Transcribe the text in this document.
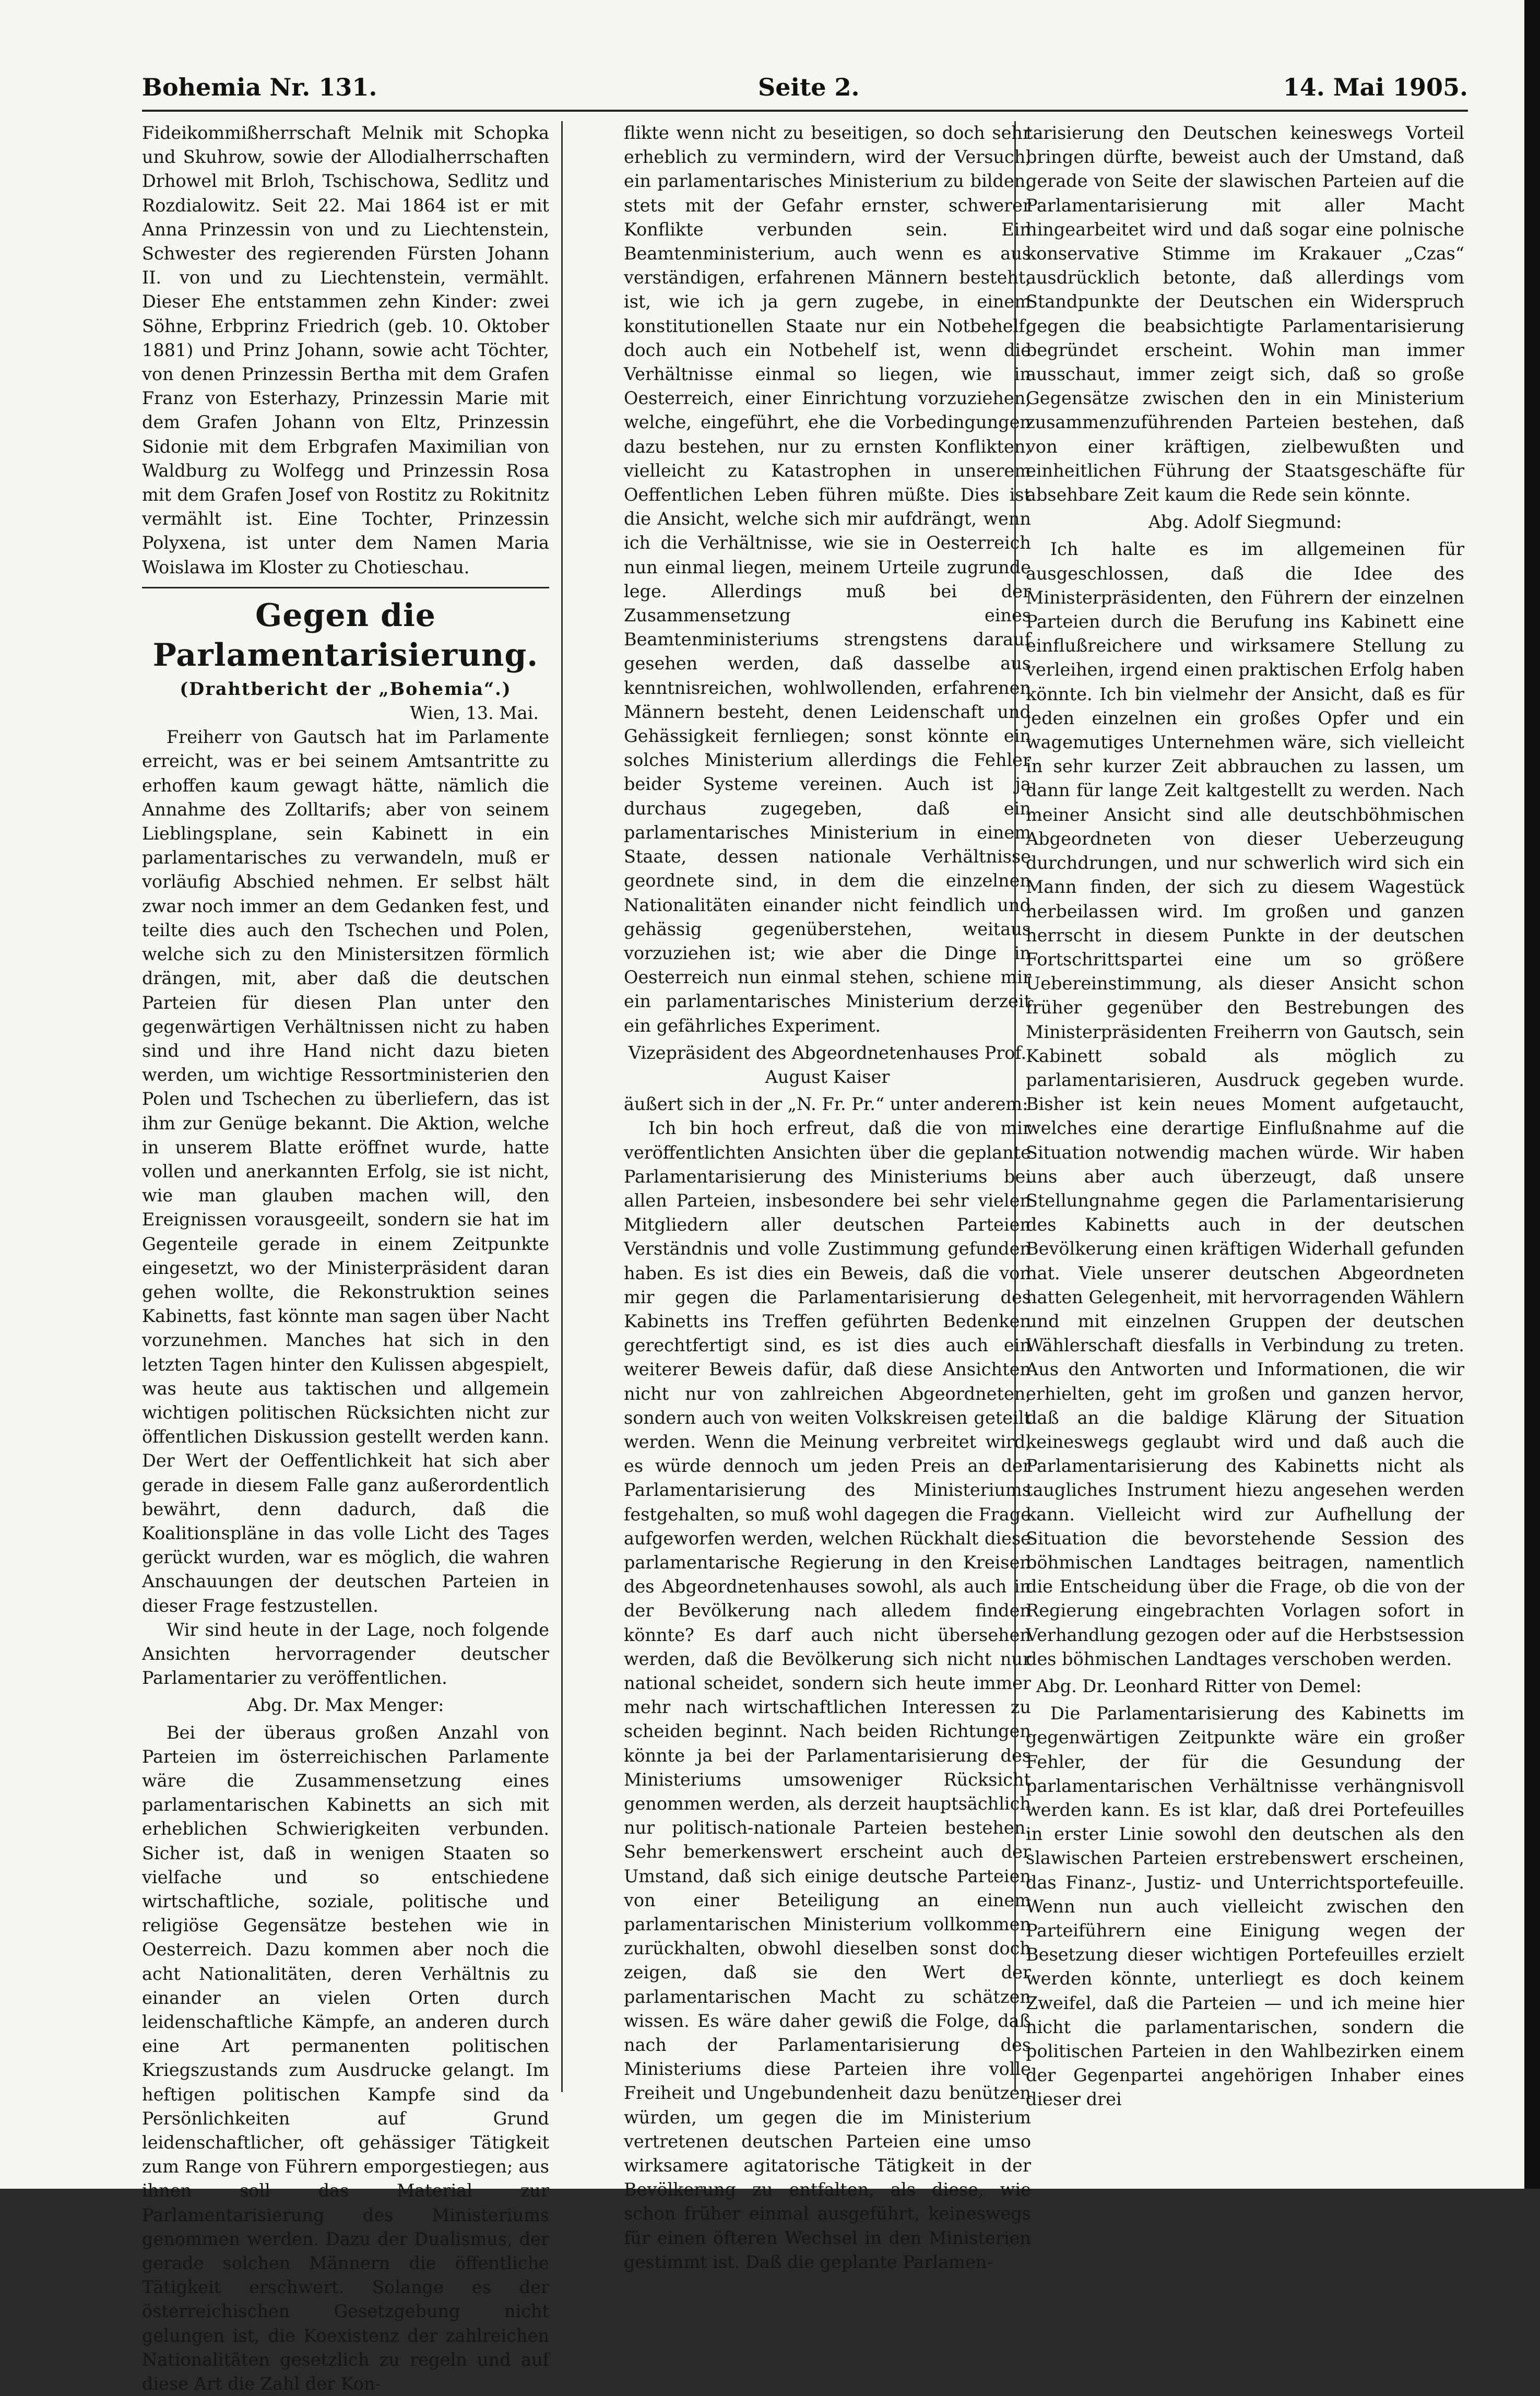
Bohemia Nr. 131.	Seite 2.	14. Mai 1905.

Fideikommißherrschaft Melnik mit Schopka und Skuhrow, sowie der Allodialherrschaften Drhowel mit Brloh, Tschischowa, Sedlitz und Rozdialowitz. Seit 22. Mai 1864 ist er mit Anna Prinzessin von und zu Liechtenstein, Schwester des regierenden Fürsten Johann II. von und zu Liechtenstein, vermählt. Dieser Ehe entstammen zehn Kinder: zwei Söhne, Erbprinz Friedrich (geb. 10. Oktober 1881) und Prinz Johann, sowie acht Töchter, von denen Prinzessin Bertha mit dem Grafen Franz von Esterhazy, Prinzessin Marie mit dem Grafen Johann von Eltz, Prinzessin Sidonie mit dem Erbgrafen Maximilian von Waldburg zu Wolfegg und Prinzessin Rosa mit dem Grafen Josef von Rostitz zu Rokitnitz vermählt ist. Eine Tochter, Prinzessin Polyxena, ist unter dem Namen Maria Woislawa im Kloster zu Chotieschau.

Gegen die Parlamentarisierung.
(Drahtbericht der „Bohemia“.)
Wien, 13. Mai.

Freiherr von Gautsch hat im Parlamente erreicht, was er bei seinem Amtsantritte zu erhoffen kaum gewagt hätte, nämlich die Annahme des Zolltarifs; aber von seinem Lieblingsplane, sein Kabinett in ein parlamentarisches zu verwandeln, muß er vorläufig Abschied nehmen. Er selbst hält zwar noch immer an dem Gedanken fest, und teilte dies auch den Tschechen und Polen, welche sich zu den Ministersitzen förmlich drängen, mit, aber daß die deutschen Parteien für diesen Plan unter den gegenwärtigen Verhältnissen nicht zu haben sind und ihre Hand nicht dazu bieten werden, um wichtige Ressortministerien den Polen und Tschechen zu überliefern, das ist ihm zur Genüge bekannt. Die Aktion, welche in unserem Blatte eröffnet wurde, hatte vollen und anerkannten Erfolg, sie ist nicht, wie man glauben machen will, den Ereignissen vorausgeeilt, sondern sie hat im Gegenteile gerade in einem Zeitpunkte eingesetzt, wo der Ministerpräsident daran gehen wollte, die Rekonstruktion seines Kabinetts, fast könnte man sagen über Nacht vorzunehmen. Manches hat sich in den letzten Tagen hinter den Kulissen abgespielt, was heute aus taktischen und allgemein wichtigen politischen Rücksichten nicht zur öffentlichen Diskussion gestellt werden kann. Der Wert der Oeffentlichkeit hat sich aber gerade in diesem Falle ganz außerordentlich bewährt, denn dadurch, daß die Koalitionspläne in das volle Licht des Tages gerückt wurden, war es möglich, die wahren Anschauungen der deutschen Parteien in dieser Frage festzustellen.

Wir sind heute in der Lage, noch folgende Ansichten hervorragender deutscher Parlamentarier zu veröffentlichen.

Abg. Dr. Max Menger:

Bei der überaus großen Anzahl von Parteien im österreichischen Parlamente wäre die Zusammensetzung eines parlamentarischen Kabinetts an sich mit erheblichen Schwierigkeiten verbunden. Sicher ist, daß in wenigen Staaten so vielfache und so entschiedene wirtschaftliche, soziale, politische und religiöse Gegensätze bestehen wie in Oesterreich. Dazu kommen aber noch die acht Nationalitäten, deren Verhältnis zu einander an vielen Orten durch leidenschaftliche Kämpfe, an anderen durch eine Art permanenten politischen Kriegszustands zum Ausdrucke gelangt. Im heftigen politischen Kampfe sind da Persönlichkeiten auf Grund leidenschaftlicher, oft gehässiger Tätigkeit zum Range von Führern emporgestiegen; aus ihnen soll das Material zur Parlamentarisierung des Ministeriums genommen werden. Dazu der Dualismus, der gerade solchen Männern die öffentliche Tätigkeit erschwert. Solange es der österreichischen Gesetzgebung nicht gelungen ist, die Koexistenz der zahlreichen Nationalitäten gesetzlich zu regeln und auf diese Art die Zahl der Kon-

flikte wenn nicht zu beseitigen, so doch sehr erheblich zu vermindern, wird der Versuch, ein parlamentarisches Ministerium zu bilden, stets mit der Gefahr ernster, schwerer Konflikte verbunden sein. Ein Beamtenministerium, auch wenn es aus verständigen, erfahrenen Männern besteht, ist, wie ich ja gern zugebe, in einem konstitutionellen Staate nur ein Notbehelf; doch auch ein Notbehelf ist, wenn die Verhältnisse einmal so liegen, wie in Oesterreich, einer Einrichtung vorzuziehen, welche, eingeführt, ehe die Vorbedingungen dazu bestehen, nur zu ernsten Konflikten, vielleicht zu Katastrophen in unserem Oeffentlichen Leben führen müßte. Dies ist die Ansicht, welche sich mir aufdrängt, wenn ich die Verhältnisse, wie sie in Oesterreich nun einmal liegen, meinem Urteile zugrunde lege. Allerdings muß bei der Zusammensetzung eines Beamtenministeriums strengstens darauf gesehen werden, daß dasselbe aus kenntnisreichen, wohlwollenden, erfahrenen Männern besteht, denen Leidenschaft und Gehässigkeit fernliegen; sonst könnte ein solches Ministerium allerdings die Fehler beider Systeme vereinen. Auch ist ja durchaus zugegeben, daß ein parlamentarisches Ministerium in einem Staate, dessen nationale Verhältnisse geordnete sind, in dem die einzelnen Nationalitäten einander nicht feindlich und gehässig gegenüberstehen, weitaus vorzuziehen ist; wie aber die Dinge in Oesterreich nun einmal stehen, schiene mir ein parlamentarisches Ministerium derzeit ein gefährliches Experiment.

Vizepräsident des Abgeordnetenhauses Prof. August Kaiser

äußert sich in der „N. Fr. Pr.“ unter anderem:

Ich bin hoch erfreut, daß die von mir veröffentlichten Ansichten über die geplante Parlamentarisierung des Ministeriums bei allen Parteien, insbesondere bei sehr vielen Mitgliedern aller deutschen Parteien Verständnis und volle Zustimmung gefunden haben. Es ist dies ein Beweis, daß die von mir gegen die Parlamentarisierung des Kabinetts ins Treffen geführten Bedenken gerechtfertigt sind, es ist dies auch ein weiterer Beweis dafür, daß diese Ansichten nicht nur von zahlreichen Abgeordneten, sondern auch von weiten Volkskreisen geteilt werden. Wenn die Meinung verbreitet wird, es würde dennoch um jeden Preis an der Parlamentarisierung des Ministeriums festgehalten, so muß wohl dagegen die Frage aufgeworfen werden, welchen Rückhalt diese parlamentarische Regierung in den Kreisen des Abgeordnetenhauses sowohl, als auch in der Bevölkerung nach alledem finden könnte? Es darf auch nicht übersehen werden, daß die Bevölkerung sich nicht nur national scheidet, sondern sich heute immer mehr nach wirtschaftlichen Interessen zu scheiden beginnt. Nach beiden Richtungen könnte ja bei der Parlamentarisierung des Ministeriums umsoweniger Rücksicht genommen werden, als derzeit hauptsächlich nur politisch-nationale Parteien bestehen. Sehr bemerkenswert erscheint auch der Umstand, daß sich einige deutsche Parteien von einer Beteiligung an einem parlamentarischen Ministerium vollkommen zurückhalten, obwohl dieselben sonst doch zeigen, daß sie den Wert der parlamentarischen Macht zu schätzen wissen. Es wäre daher gewiß die Folge, daß nach der Parlamentarisierung des Ministeriums diese Parteien ihre volle Freiheit und Ungebundenheit dazu benützen würden, um gegen die im Ministerium vertretenen deutschen Parteien eine umso wirksamere agitatorische Tätigkeit in der Bevölkerung zu entfalten, als diese, wie schon früher einmal ausgeführt, keineswegs für einen öfteren Wechsel in den Ministerien gestimmt ist. Daß die geplante Parlamen-

tarisierung den Deutschen keineswegs Vorteil bringen dürfte, beweist auch der Umstand, daß gerade von Seite der slawischen Parteien auf die Parlamentarisierung mit aller Macht hingearbeitet wird und daß sogar eine polnische konservative Stimme im Krakauer „Czas“ ausdrücklich betonte, daß allerdings vom Standpunkte der Deutschen ein Widerspruch gegen die beabsichtigte Parlamentarisierung begründet erscheint. Wohin man immer ausschaut, immer zeigt sich, daß so große Gegensätze zwischen den in ein Ministerium zusammenzuführenden Parteien bestehen, daß von einer kräftigen, zielbewußten und einheitlichen Führung der Staatsgeschäfte für absehbare Zeit kaum die Rede sein könnte.

Abg. Adolf Siegmund:

Ich halte es im allgemeinen für ausgeschlossen, daß die Idee des Ministerpräsidenten, den Führern der einzelnen Parteien durch die Berufung ins Kabinett eine einflußreichere und wirksamere Stellung zu verleihen, irgend einen praktischen Erfolg haben könnte. Ich bin vielmehr der Ansicht, daß es für jeden einzelnen ein großes Opfer und ein wagemutiges Unternehmen wäre, sich vielleicht in sehr kurzer Zeit abbrauchen zu lassen, um dann für lange Zeit kaltgestellt zu werden. Nach meiner Ansicht sind alle deutschböhmischen Abgeordneten von dieser Ueberzeugung durchdrungen, und nur schwerlich wird sich ein Mann finden, der sich zu diesem Wagestück herbeilassen wird. Im großen und ganzen herrscht in diesem Punkte in der deutschen Fortschrittspartei eine um so größere Uebereinstimmung, als dieser Ansicht schon früher gegenüber den Bestrebungen des Ministerpräsidenten Freiherrn von Gautsch, sein Kabinett sobald als möglich zu parlamentarisieren, Ausdruck gegeben wurde. Bisher ist kein neues Moment aufgetaucht, welches eine derartige Einflußnahme auf die Situation notwendig machen würde. Wir haben uns aber auch überzeugt, daß unsere Stellungnahme gegen die Parlamentarisierung des Kabinetts auch in der deutschen Bevölkerung einen kräftigen Widerhall gefunden hat. Viele unserer deutschen Abgeordneten hatten Gelegenheit, mit hervorragenden Wählern und mit einzelnen Gruppen der deutschen Wählerschaft diesfalls in Verbindung zu treten. Aus den Antworten und Informationen, die wir erhielten, geht im großen und ganzen hervor, daß an die baldige Klärung der Situation keineswegs geglaubt wird und daß auch die Parlamentarisierung des Kabinetts nicht als taugliches Instrument hiezu angesehen werden kann. Vielleicht wird zur Aufhellung der Situation die bevorstehende Session des böhmischen Landtages beitragen, namentlich die Entscheidung über die Frage, ob die von der Regierung eingebrachten Vorlagen sofort in Verhandlung gezogen oder auf die Herbstsession des böhmischen Landtages verschoben werden.

Abg. Dr. Leonhard Ritter von Demel:

Die Parlamentarisierung des Kabinetts im gegenwärtigen Zeitpunkte wäre ein großer Fehler, der für die Gesundung der parlamentarischen Verhältnisse verhängnisvoll werden kann. Es ist klar, daß drei Portefeuilles in erster Linie sowohl den deutschen als den slawischen Parteien erstrebenswert erscheinen, das Finanz-, Justiz- und Unterrichtsportefeuille. Wenn nun auch vielleicht zwischen den Parteiführern eine Einigung wegen der Besetzung dieser wichtigen Portefeuilles erzielt werden könnte, unterliegt es doch keinem Zweifel, daß die Parteien — und ich meine hier nicht die parlamentarischen, sondern die politischen Parteien in den Wahlbezirken einem der Gegenpartei angehörigen Inhaber eines dieser drei
